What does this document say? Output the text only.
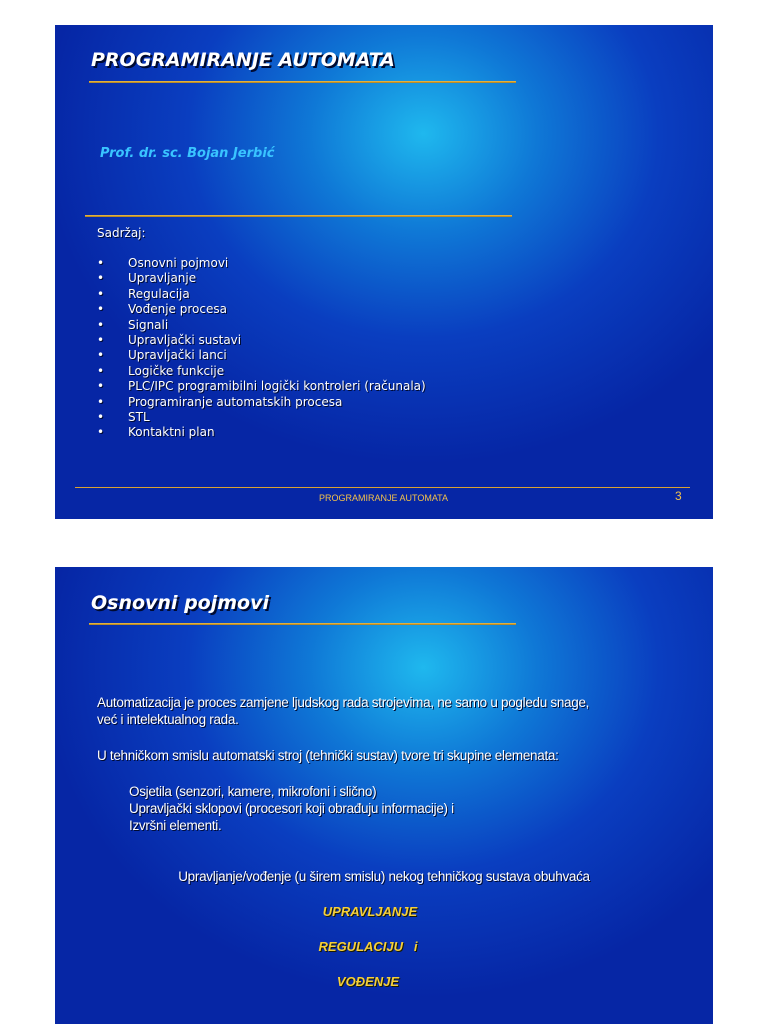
PROGRAMIRANJE AUTOMATA
Prof. dr. sc. Bojan Jerbić
Sadržaj:
• Osnovni pojmovi
• Upravljanje
• Regulacija
• Vođenje procesa
• Signali
• Upravljački sustavi
• Upravljački lanci
• Logičke funkcije
• PLC/IPC programibilni logički kontroleri (računala)
• Programiranje automatskih procesa
• STL
• Kontaktni plan
PROGRAMIRANJE AUTOMATA	3
Osnovni pojmovi

Automatizacija je proces zamjene ljudskog rada strojevima, ne samo u pogledu snage,

već i intelektualnog rada.

U tehničkom smislu automatski stroj (tehnički sustav) tvore tri skupine elemenata:

Osjetila (senzori, kamere, mikrofoni i slično)
Upravljački sklopovi (procesori koji obrađuju informacije) i
Izvršni elementi.
Upravljanje/vođenje (u širem smislu) nekog tehničkog sustava obuhvaća
UPRAVLJANJE
REGULACIJU   i
VOĐENJE
